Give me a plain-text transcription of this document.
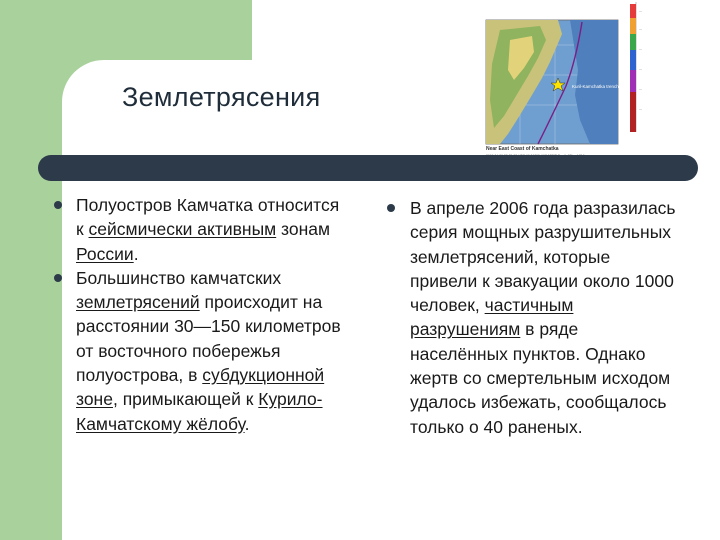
Землетрясения	Kuril-Kamchatka trench
—
—
—
—
—
—
Near East Coast of Kamchatka
Полуостров Камчатка относится к сейсмически активным зонам России.
Большинство камчатских землетрясений происходит на расстоянии 30—150 километров от восточного побережья полуострова, в субдукционной зоне, примыкающей к Курило-Камчатскому жёлобу.
В апреле 2006 года разразилась серия мощных разрушительных землетрясений, которые привели к эвакуации около 1000 человек, частичным разрушениям в ряде населённых пунктов. Однако жертв со смертельным исходом удалось избежать, сообщалось только о 40 раненых.
